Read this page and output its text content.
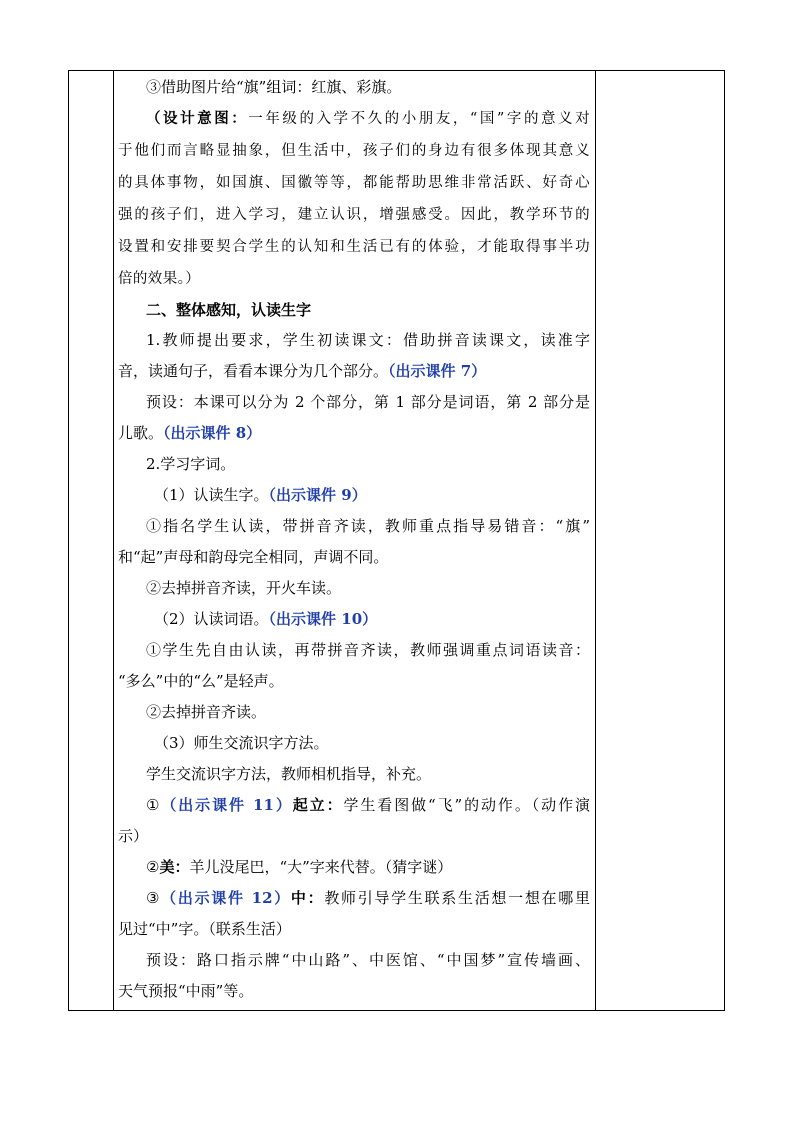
③借助图片给“旗”组词：红旗、彩旗。
（设计意图：一年级的入学不久的小朋友，“国”字的意义对
于他们而言略显抽象，但生活中，孩子们的身边有很多体现其意义
的具体事物，如国旗、国徽等等，都能帮助思维非常活跃、好奇心
强的孩子们，进入学习，建立认识，增强感受。因此，教学环节的
设置和安排要契合学生的认知和生活已有的体验，才能取得事半功
倍的效果。）
二、整体感知，认读生字
1.教师提出要求，学生初读课文：借助拼音读课文，读准字
音，读通句子，看看本课分为几个部分。（出示课件 7）
预设：本课可以分为 2 个部分，第 1 部分是词语，第 2 部分是
儿歌。（出示课件 8）
2.学习字词。
（1）认读生字。（出示课件 9）
①指名学生认读，带拼音齐读，教师重点指导易错音：“旗”
和“起”声母和韵母完全相同，声调不同。
②去掉拼音齐读，开火车读。
（2）认读词语。（出示课件 10）
①学生先自由认读，再带拼音齐读，教师强调重点词语读音：
“多么”中的“么”是轻声。
②去掉拼音齐读。
（3）师生交流识字方法。
学生交流识字方法，教师相机指导，补充。
①（出示课件 11）起立：学生看图做“飞”的动作。（动作演
示）
②美：羊儿没尾巴，“大”字来代替。（猜字谜）
③（出示课件 12）中：教师引导学生联系生活想一想在哪里
见过“中”字。（联系生活）
预设：路口指示牌“中山路”、中医馆、“中国梦”宣传墙画、
天气预报“中雨”等。
